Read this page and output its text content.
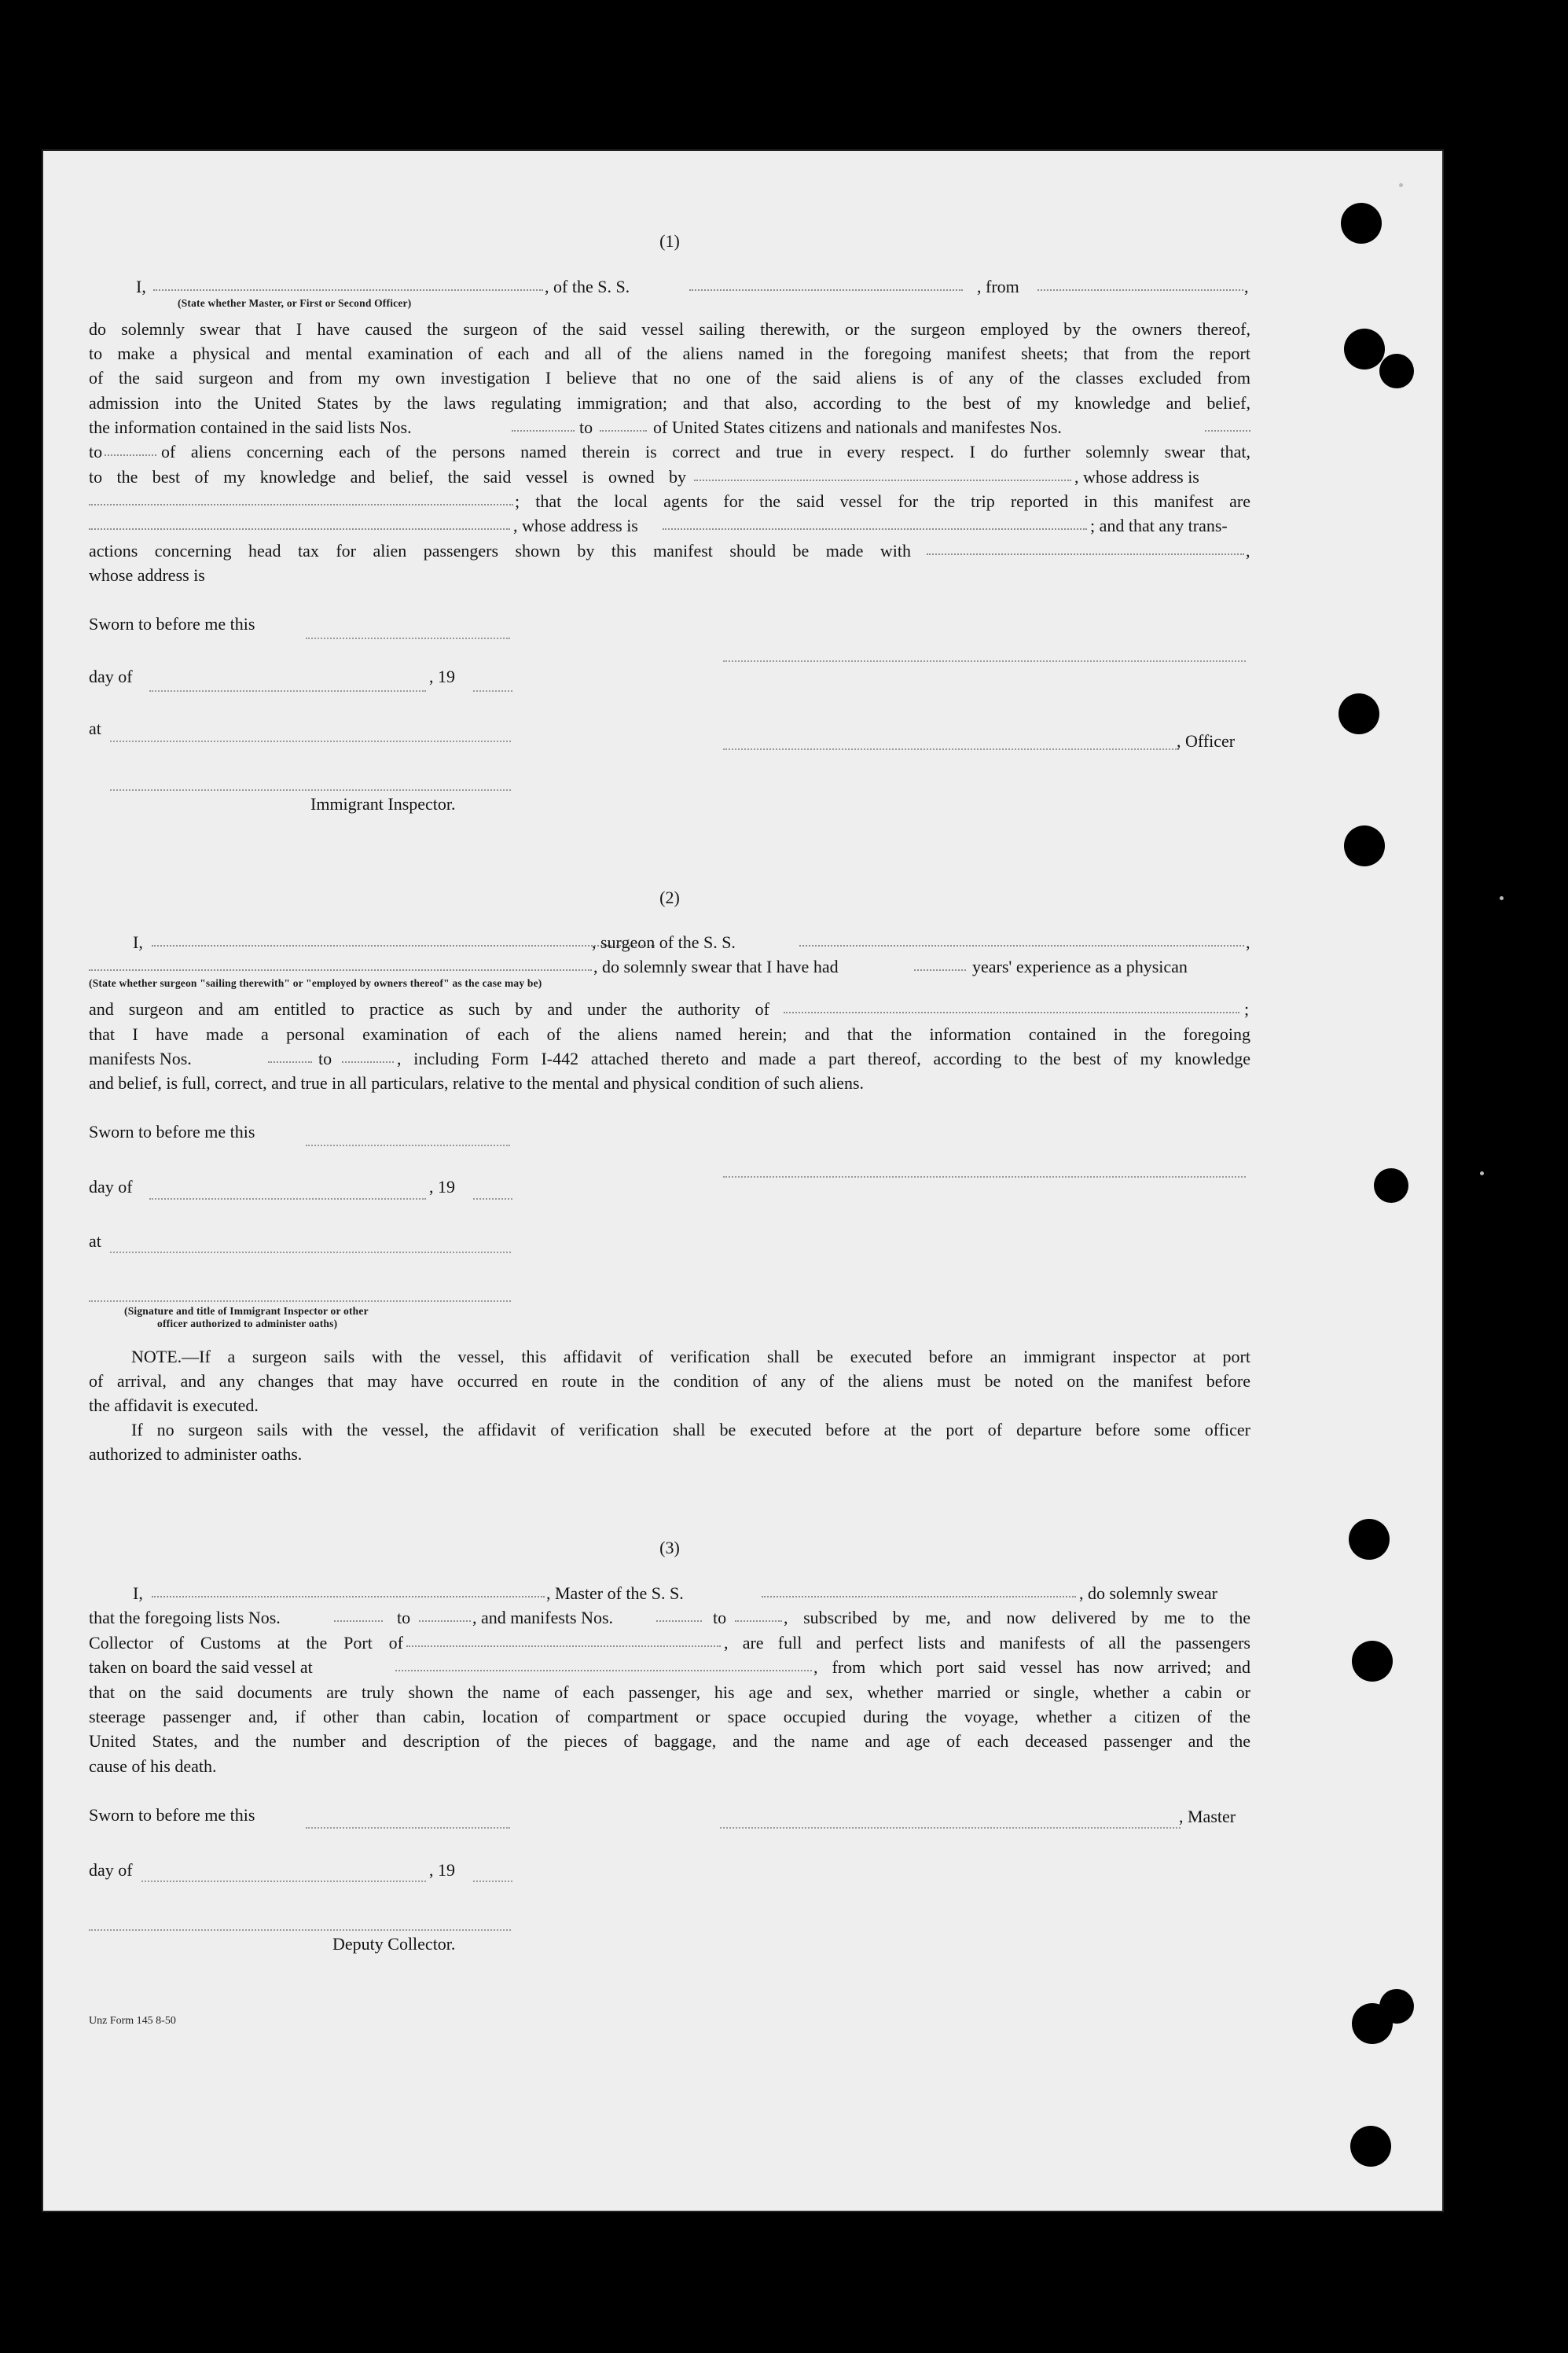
(1)
I,	, of the S. S.	, from	,
(State whether Master, or First or Second Officer)
do solemnly swear that I have caused the surgeon of the said vessel sailing therewith, or the surgeon employed by the owners thereof,
to make a physical and mental examination of each and all of the aliens named in the foregoing manifest sheets; that from the report
of the said surgeon and from my own investigation I believe that no one of the said aliens is of any of the classes excluded from
admission into the United States by the laws regulating immigration; and that also, according to the best of my knowledge and belief,
the information contained in the said lists Nos.	to	of United States citizens and nationals and manifestes Nos.
to	of aliens concerning each of the persons named therein is correct and true in every respect. I do further solemnly swear that,
to the best of my knowledge and belief, the said vessel is owned by	, whose address is
; that the local agents for the said vessel for the trip reported in this manifest are
, whose address is	; and that any trans-
actions concerning head tax for alien passengers shown by this manifest should be made with	,
whose address is
Sworn to before me this
day of	, 19
at
, Officer
Immigrant Inspector.
(2)
I,	, surgeon of the S. S.	,
, do solemnly swear that I have had	years' experience as a physican
(State whether surgeon "sailing therewith" or "employed by owners thereof" as the case may be)
and surgeon and am entitled to practice as such by and under the authority of	;
that I have made a personal examination of each of the aliens named herein; and that the information contained in the foregoing
manifests Nos.	to	, including Form I-442 attached thereto and made a part thereof, according to the best of my knowledge
and belief, is full, correct, and true in all particulars, relative to the mental and physical condition of such aliens.
Sworn to before me this
day of	, 19
at
(Signature and title of Immigrant Inspector or other
officer authorized to administer oaths)
NOTE.—If a surgeon sails with the vessel, this affidavit of verification shall be executed before an immigrant inspector at port
of arrival, and any changes that may have occurred en route in the condition of any of the aliens must be noted on the manifest before
the affidavit is executed.
If no surgeon sails with the vessel, the affidavit of verification shall be executed before at the port of departure before some officer
authorized to administer oaths.
(3)
I,	, Master of the S. S.	, do solemnly swear
that the foregoing lists Nos.	to	, and manifests Nos.	to	, subscribed by me, and now delivered by me to the
Collector of Customs at the Port of	, are full and perfect lists and manifests of all the passengers
taken on board the said vessel at	, from which port said vessel has now arrived; and
that on the said documents are truly shown the name of each passenger, his age and sex, whether married or single, whether a cabin or
steerage passenger and, if other than cabin, location of compartment or space occupied during the voyage, whether a citizen of the
United States, and the number and description of the pieces of baggage, and the name and age of each deceased passenger and the
cause of his death.
Sworn to before me this	, Master
day of	, 19
Deputy Collector.
Unz Form 145 8-50
